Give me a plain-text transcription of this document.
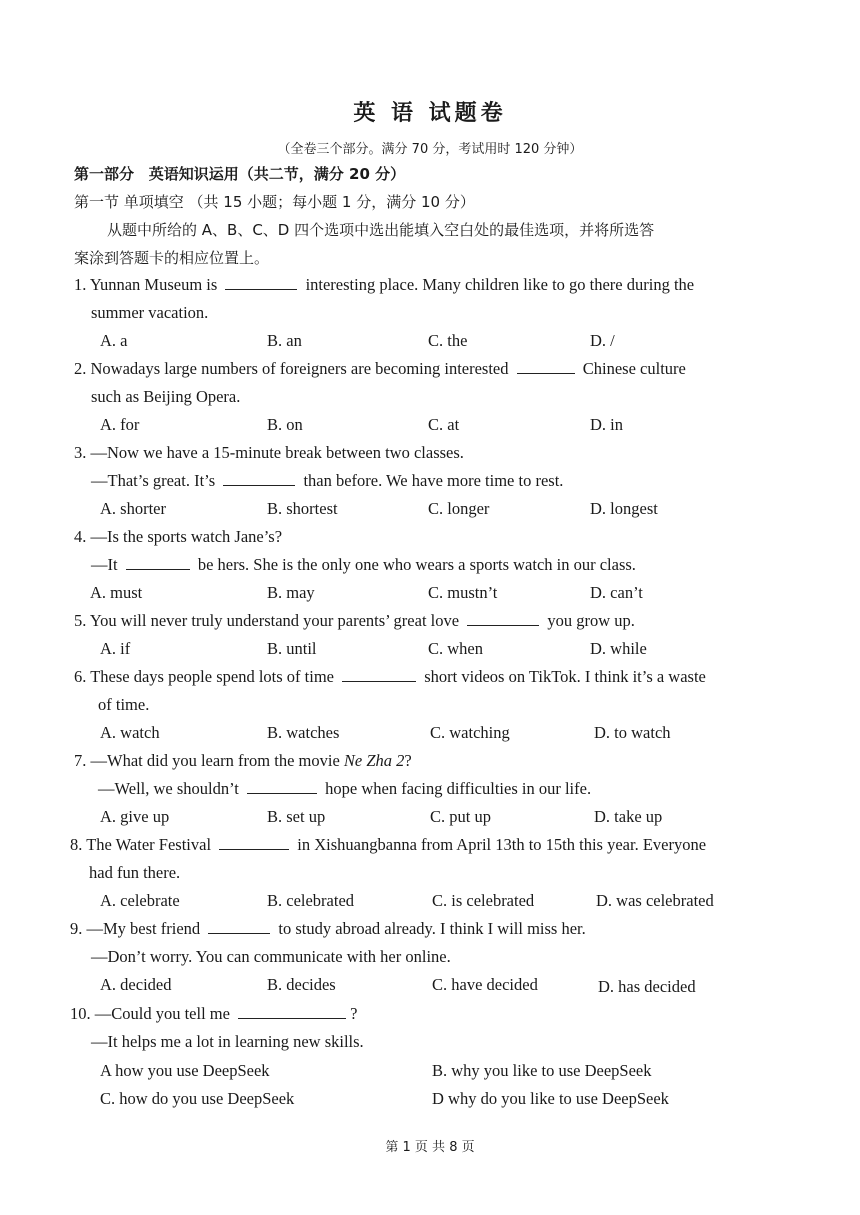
英 语 试题卷
（全卷三个部分。满分 70 分，考试用时 120 分钟）
第一部分 英语知识运用（共二节，满分 20 分）
第一节 单项填空 （共 15 小题；每小题 1 分，满分 10 分）
从题中所给的 A、B、C、D 四个选项中选出能填入空白处的最佳选项，并将所选答
案涂到答题卡的相应位置上。
1. Yunnan Museum is	interesting place. Many children like to go there during the
summer vacation.
A. a	B. an	C. the	D. /
2. Nowadays large numbers of foreigners are becoming interested	Chinese culture
such as Beijing Opera.
A. for	B. on	C. at	D. in
3. —Now we have a 15-minute break between two classes.
—That’s great. It’s	than before. We have more time to rest.
A. shorter	B. shortest	C. longer	D. longest
4. —Is the sports watch Jane’s?
—It	be hers. She is the only one who wears a sports watch in our class.
A. must	B. may	C. mustn’t	D. can’t
5. You will never truly understand your parents’ great love	you grow up.
A. if	B. until	C. when	D. while
6. These days people spend lots of time	short videos on TikTok. I think it’s a waste
of time.
A. watch	B. watches	C. watching	D. to watch
7. —What did you learn from the movie Ne Zha 2?
—Well, we shouldn’t	hope when facing difficulties in our life.
A. give up	B. set up	C. put up	D. take up
8. The Water Festival	in Xishuangbanna from April 13th to 15th this year. Everyone
had fun there.
A. celebrate	B. celebrated	C. is celebrated	D. was celebrated
9. —My best friend	to study abroad already. I think I will miss her.
—Don’t worry. You can communicate with her online.
A. decided	B. decides	C. have decided	D. has decided
10. —Could you tell me	?
—It helps me a lot in learning new skills.
A how you use DeepSeek	B. why you like to use DeepSeek
C. how do you use DeepSeek	D why do you like to use DeepSeek
第 1 页 共 8 页
